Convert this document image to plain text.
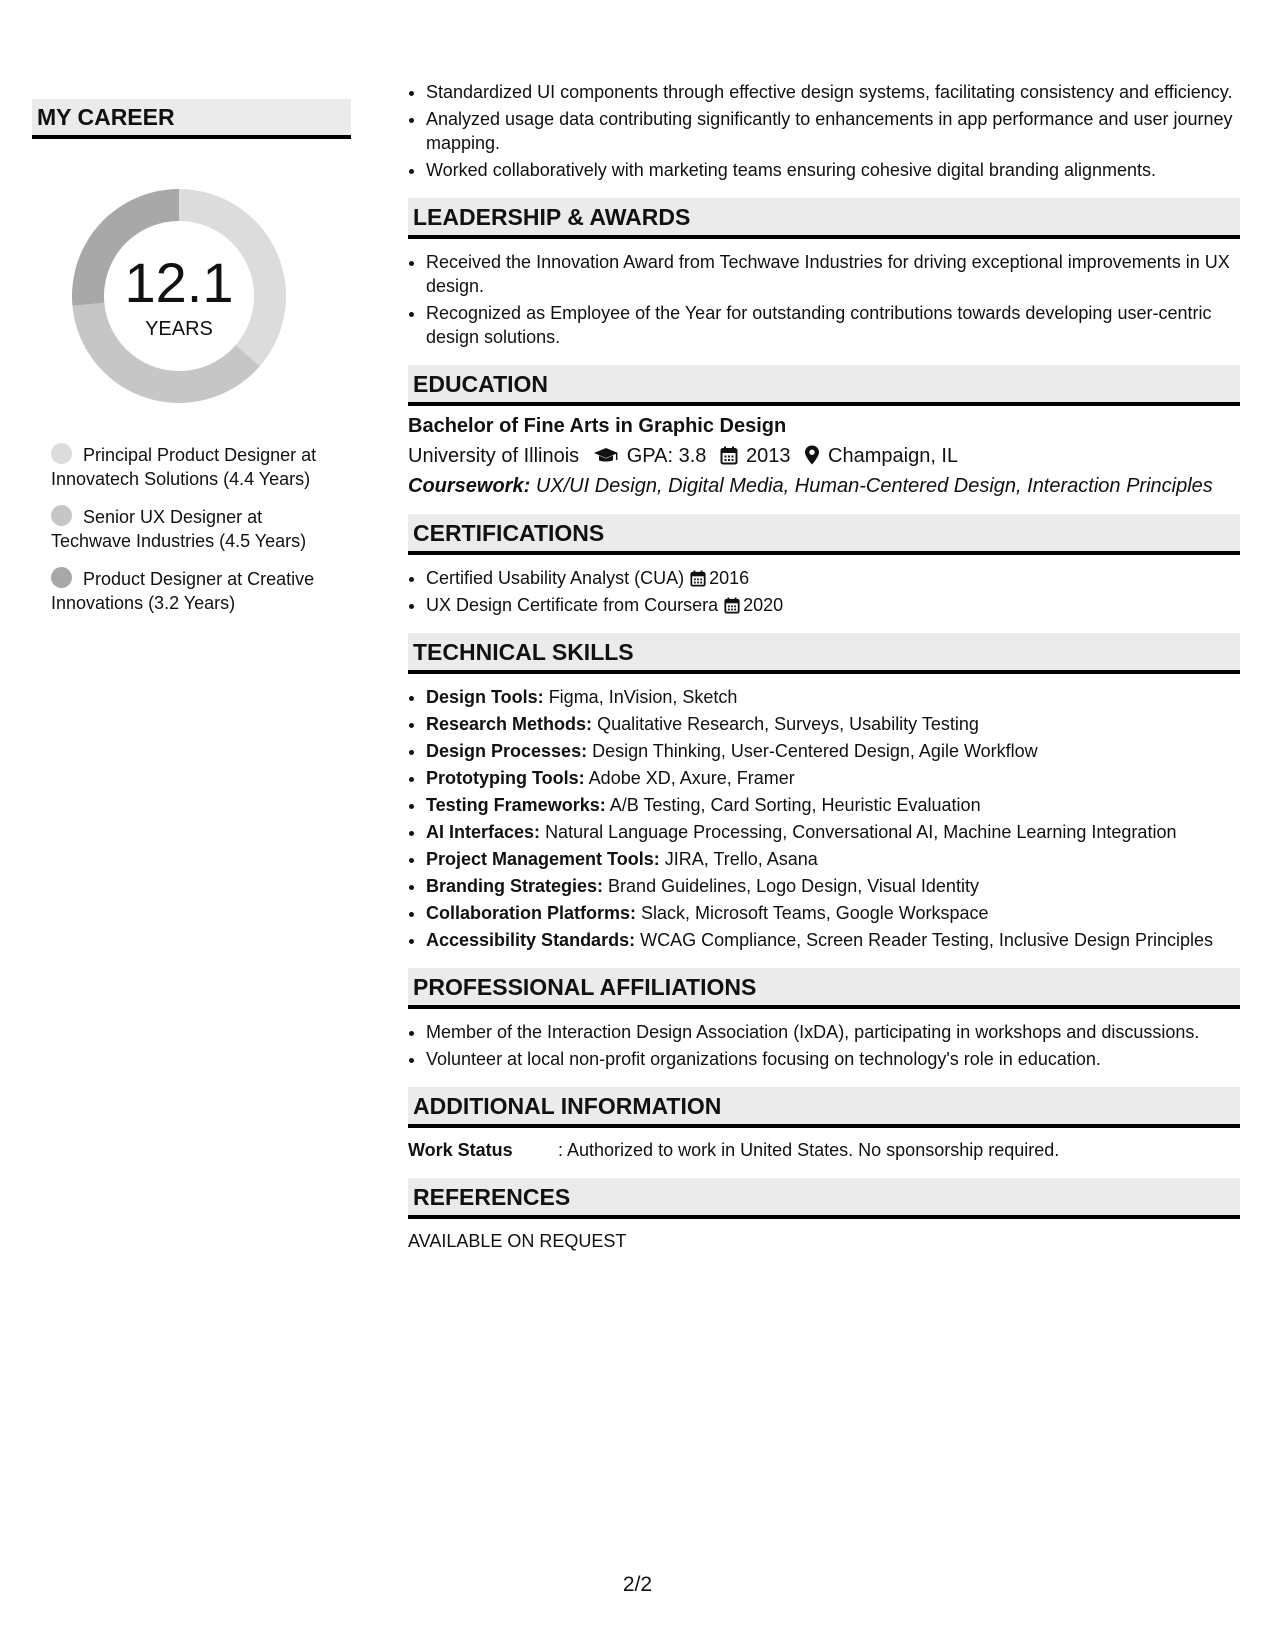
MY CAREER
12.1
YEARS
Principal Product Designer at Innovatech Solutions (4.4 Years)
Senior UX Designer at Techwave Industries (4.5 Years)
Product Designer at Creative Innovations (3.2 Years)
• Standardized UI components through effective design systems, facilitating consistency and efficiency.
• Analyzed usage data contributing significantly to enhancements in app performance and user journey mapping.
• Worked collaboratively with marketing teams ensuring cohesive digital branding alignments.
LEADERSHIP & AWARDS
• Received the Innovation Award from Techwave Industries for driving exceptional improvements in UX design.
• Recognized as Employee of the Year for outstanding contributions towards developing user-centric design solutions.
EDUCATION
Bachelor of Fine Arts in Graphic Design
University of Illinois GPA: 3.8 2013 Champaign, IL
Coursework: UX/UI Design, Digital Media, Human-Centered Design, Interaction Principles
CERTIFICATIONS
• Certified Usability Analyst (CUA) 2016
• UX Design Certificate from Coursera 2020
TECHNICAL SKILLS
• Design Tools: Figma, InVision, Sketch
• Research Methods: Qualitative Research, Surveys, Usability Testing
• Design Processes: Design Thinking, User-Centered Design, Agile Workflow
• Prototyping Tools: Adobe XD, Axure, Framer
• Testing Frameworks: A/B Testing, Card Sorting, Heuristic Evaluation
• AI Interfaces: Natural Language Processing, Conversational AI, Machine Learning Integration
• Project Management Tools: JIRA, Trello, Asana
• Branding Strategies: Brand Guidelines, Logo Design, Visual Identity
• Collaboration Platforms: Slack, Microsoft Teams, Google Workspace
• Accessibility Standards: WCAG Compliance, Screen Reader Testing, Inclusive Design Principles
PROFESSIONAL AFFILIATIONS
• Member of the Interaction Design Association (IxDA), participating in workshops and discussions.
• Volunteer at local non-profit organizations focusing on technology's role in education.
ADDITIONAL INFORMATION
Work Status	: Authorized to work in United States. No sponsorship required.
REFERENCES
AVAILABLE ON REQUEST
2/2
